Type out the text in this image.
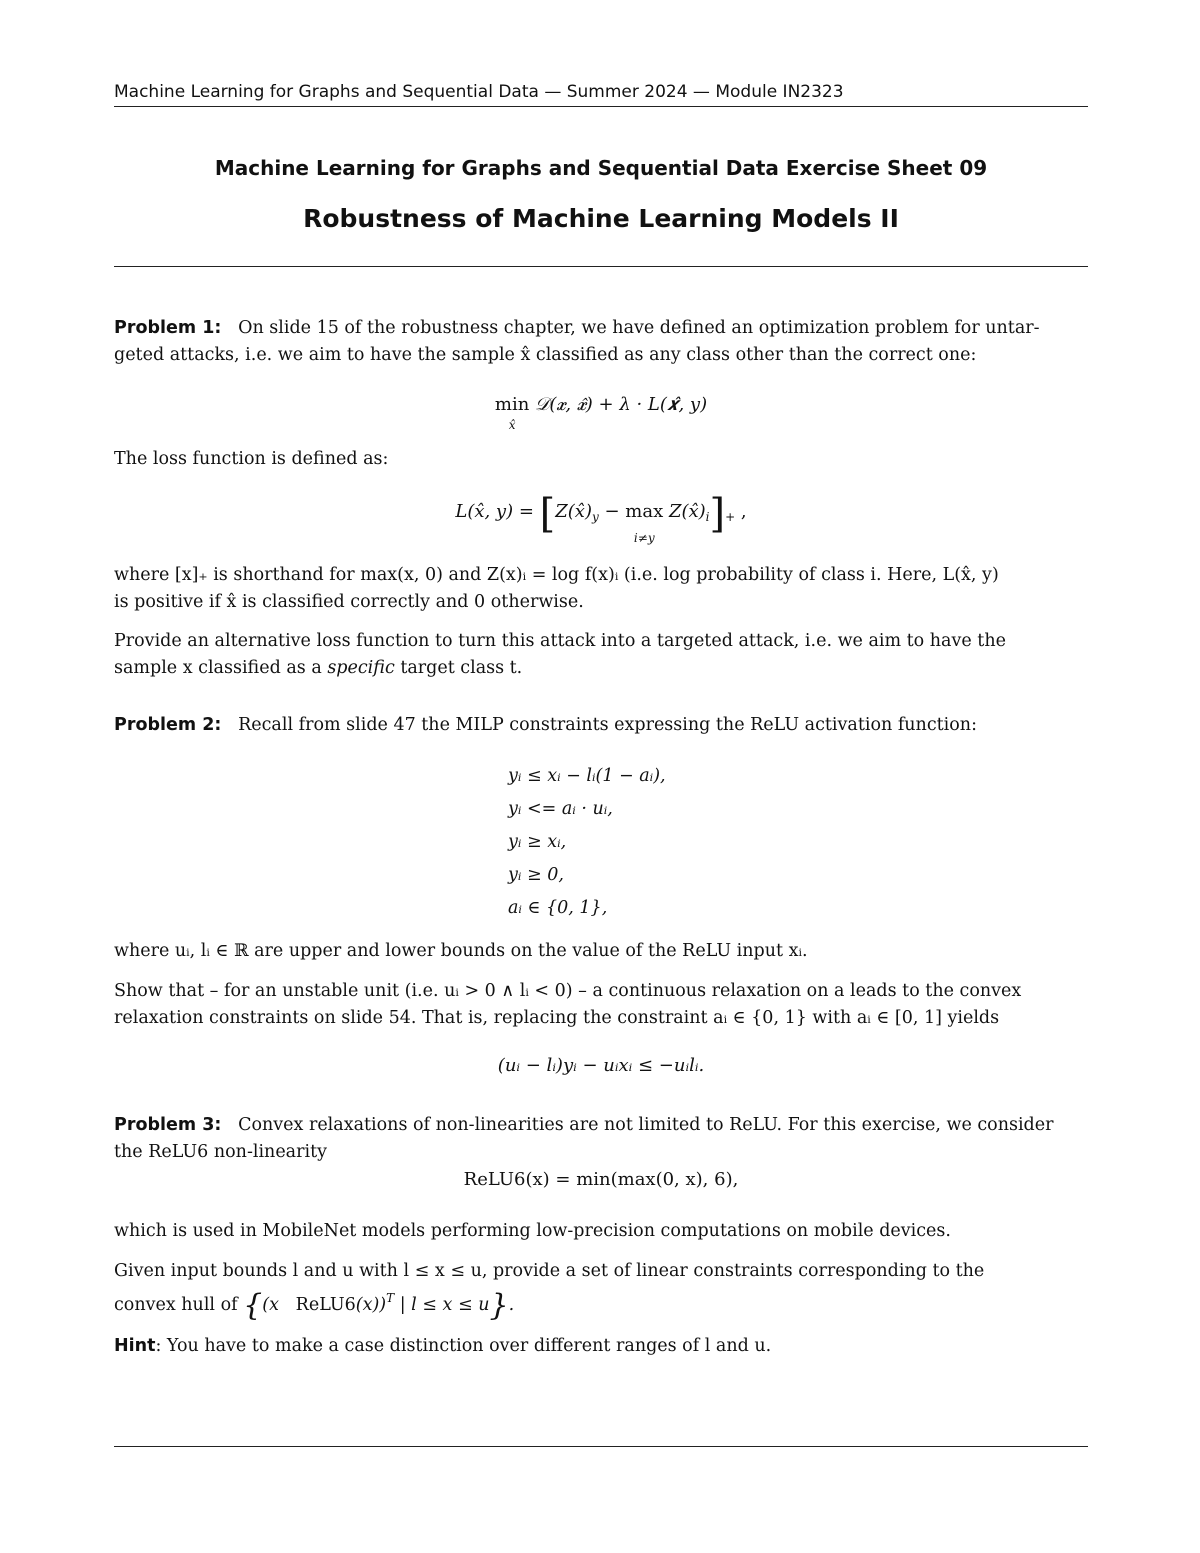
Machine Learning for Graphs and Sequential Data — Summer 2024 — Module IN2323
Machine Learning for Graphs and Sequential Data Exercise Sheet 09
Robustness of Machine Learning Models II
Problem 1: On slide 15 of the robustness chapter, we have defined an optimization problem for untar-
geted attacks, i.e. we aim to have the sample x̂ classified as any class other than the correct one:
min
x̂
𝒟(𝒙, 𝒙̂) + λ · L(𝒙̂, y)
The loss function is defined as:
L(x̂, $y) = [Z(x̂)_y - \max$
i≠y
$Z(x̂)_i]_+$ ,
where [x]₊ is shorthand for max(x, 0) and Z(x)ᵢ = log f(x)ᵢ (i.e. log probability of class i. Here, L(x̂, y)
is positive if x̂ is classified correctly and 0 otherwise.
Provide an alternative loss function to turn this attack into a targeted attack, i.e. we aim to have the
sample x classified as a specific target class t.
Problem 2: Recall from slide 47 the MILP constraints expressing the ReLU activation function:
yᵢ ≤ xᵢ − lᵢ(1 − aᵢ),
yᵢ <= aᵢ · uᵢ,
yᵢ ≥ xᵢ,
yᵢ ≥ 0,
aᵢ ∈ {0, 1},
where uᵢ, lᵢ ∈ ℝ are upper and lower bounds on the value of the ReLU input xᵢ.
Show that – for an unstable unit (i.e. uᵢ > 0 ∧ lᵢ < 0) – a continuous relaxation on a leads to the convex
relaxation constraints on slide 54. That is, replacing the constraint aᵢ ∈ {0, 1} with aᵢ ∈ [0, 1] yields
(uᵢ − lᵢ)yᵢ − uᵢxᵢ ≤ −uᵢlᵢ.
Problem 3: Convex relaxations of non-linearities are not limited to ReLU. For this exercise, we consider
the ReLU6 non-linearity
ReLU6(x) = min(max(0, x), 6),
which is used in MobileNet models performing low-precision computations on mobile devices.
Given input bounds l and u with l ≤ x ≤ u, provide a set of linear constraints corresponding to the
convex hull of {(x   ReLU6(x))$^T$ | l ≤ x ≤ u}.
Hint: You have to make a case distinction over different ranges of l and u.
